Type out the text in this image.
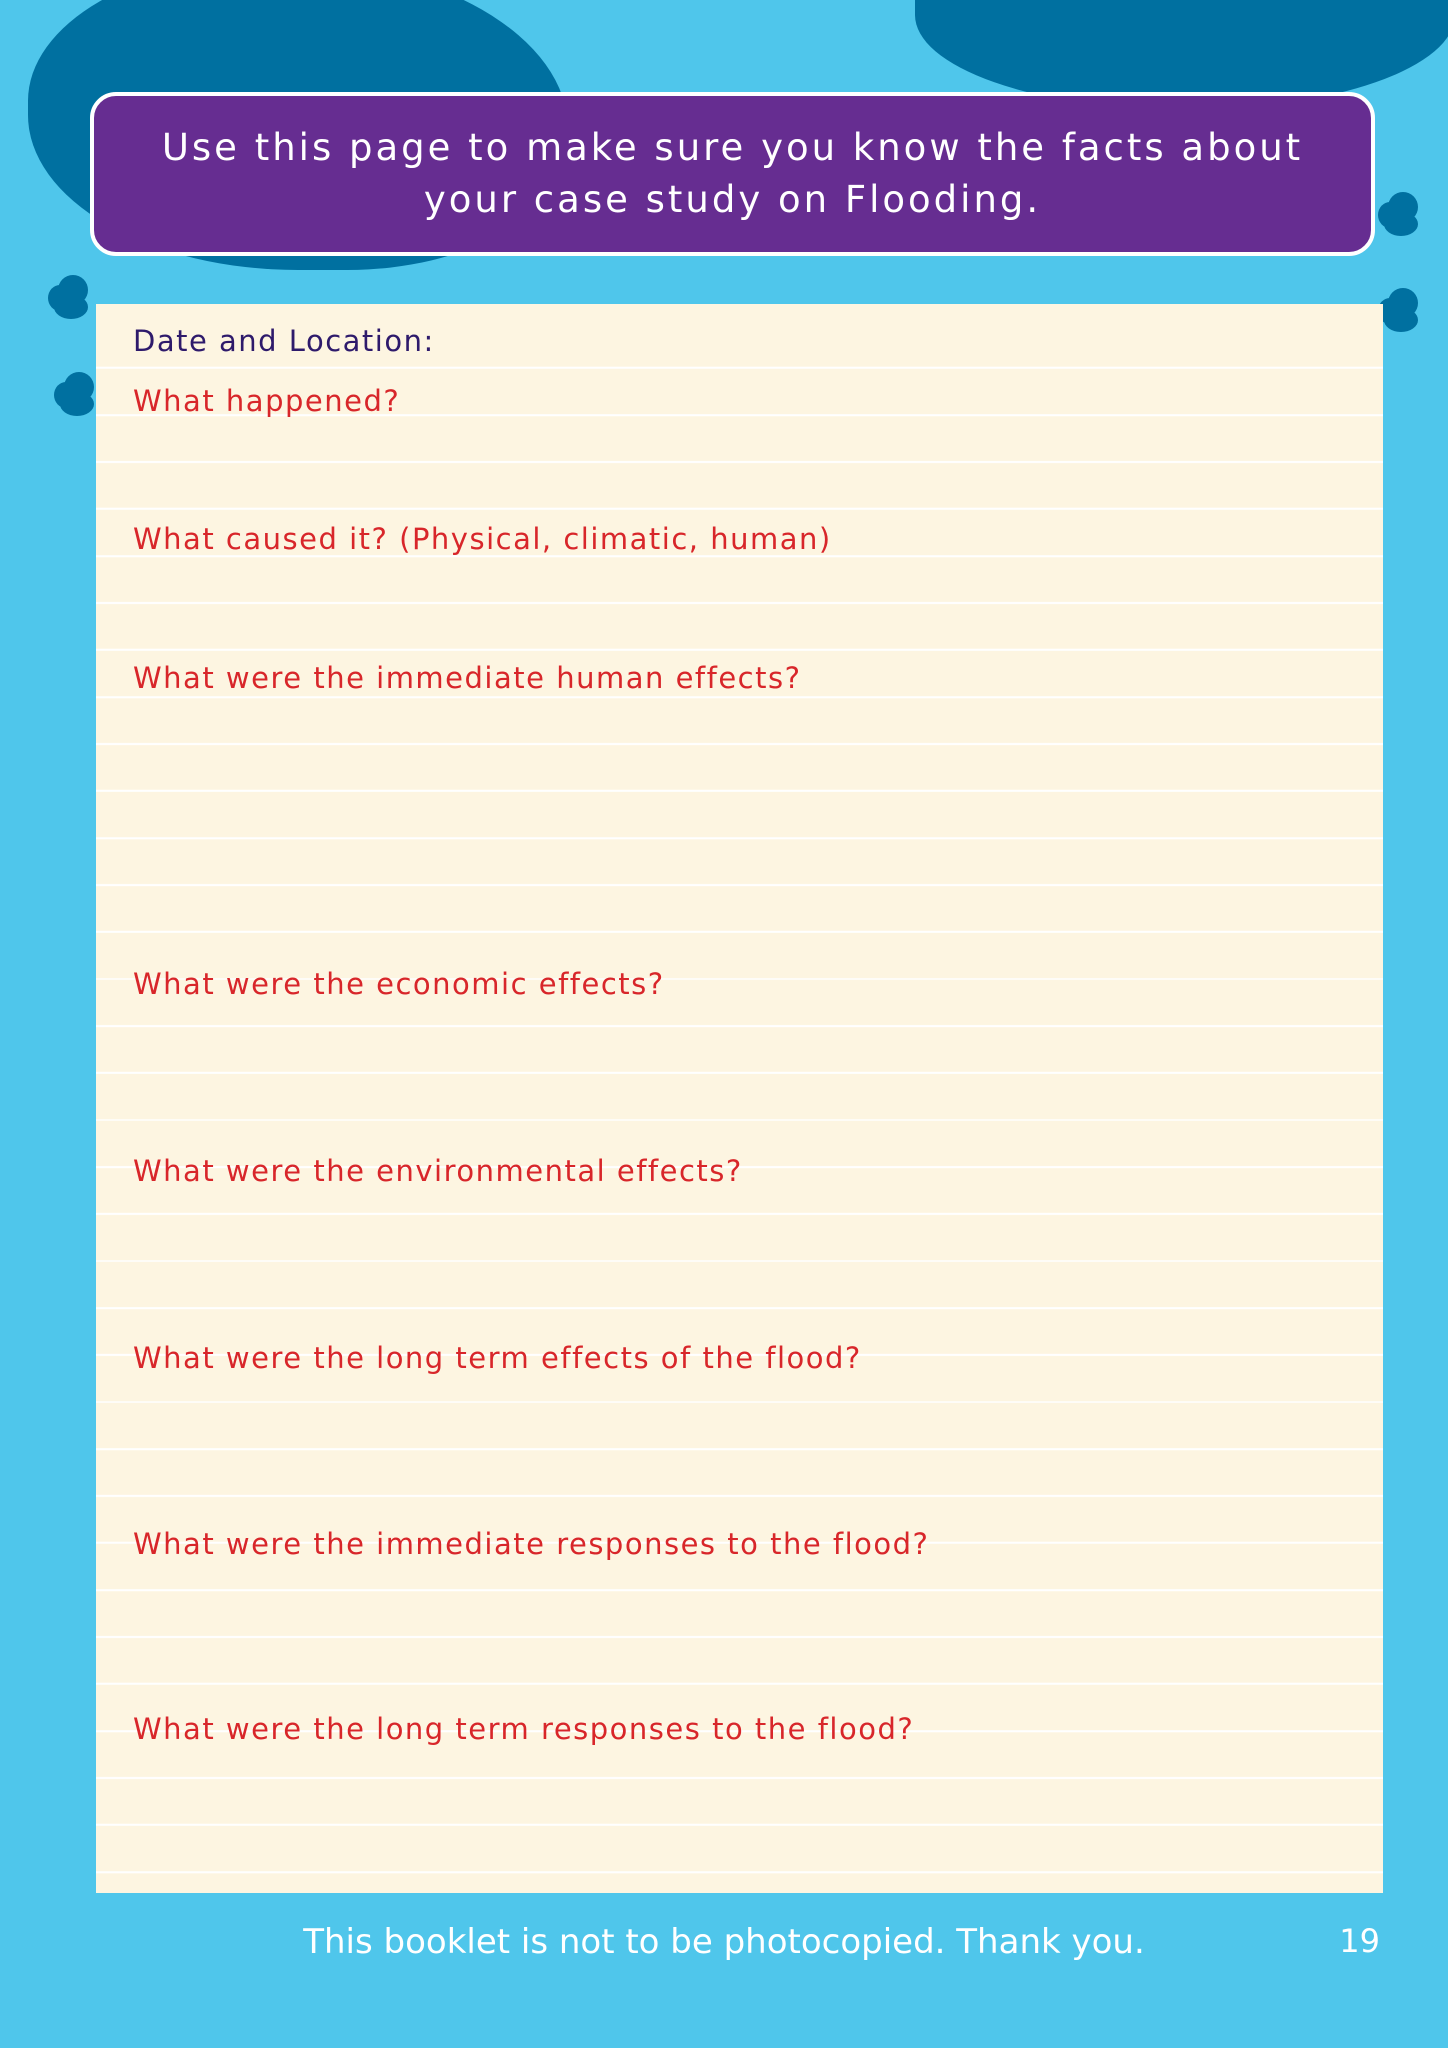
Use this page to make sure you know the facts about your case study on Flooding.
Date and Location:
What happened?
What caused it? (Physical, climatic, human)
What were the immediate human effects?
What were the economic effects?
What were the environmental effects?
What were the long term effects of the flood?
What were the immediate responses to the flood?
What were the long term responses to the flood?
This booklet is not to be photocopied. Thank you.	19
